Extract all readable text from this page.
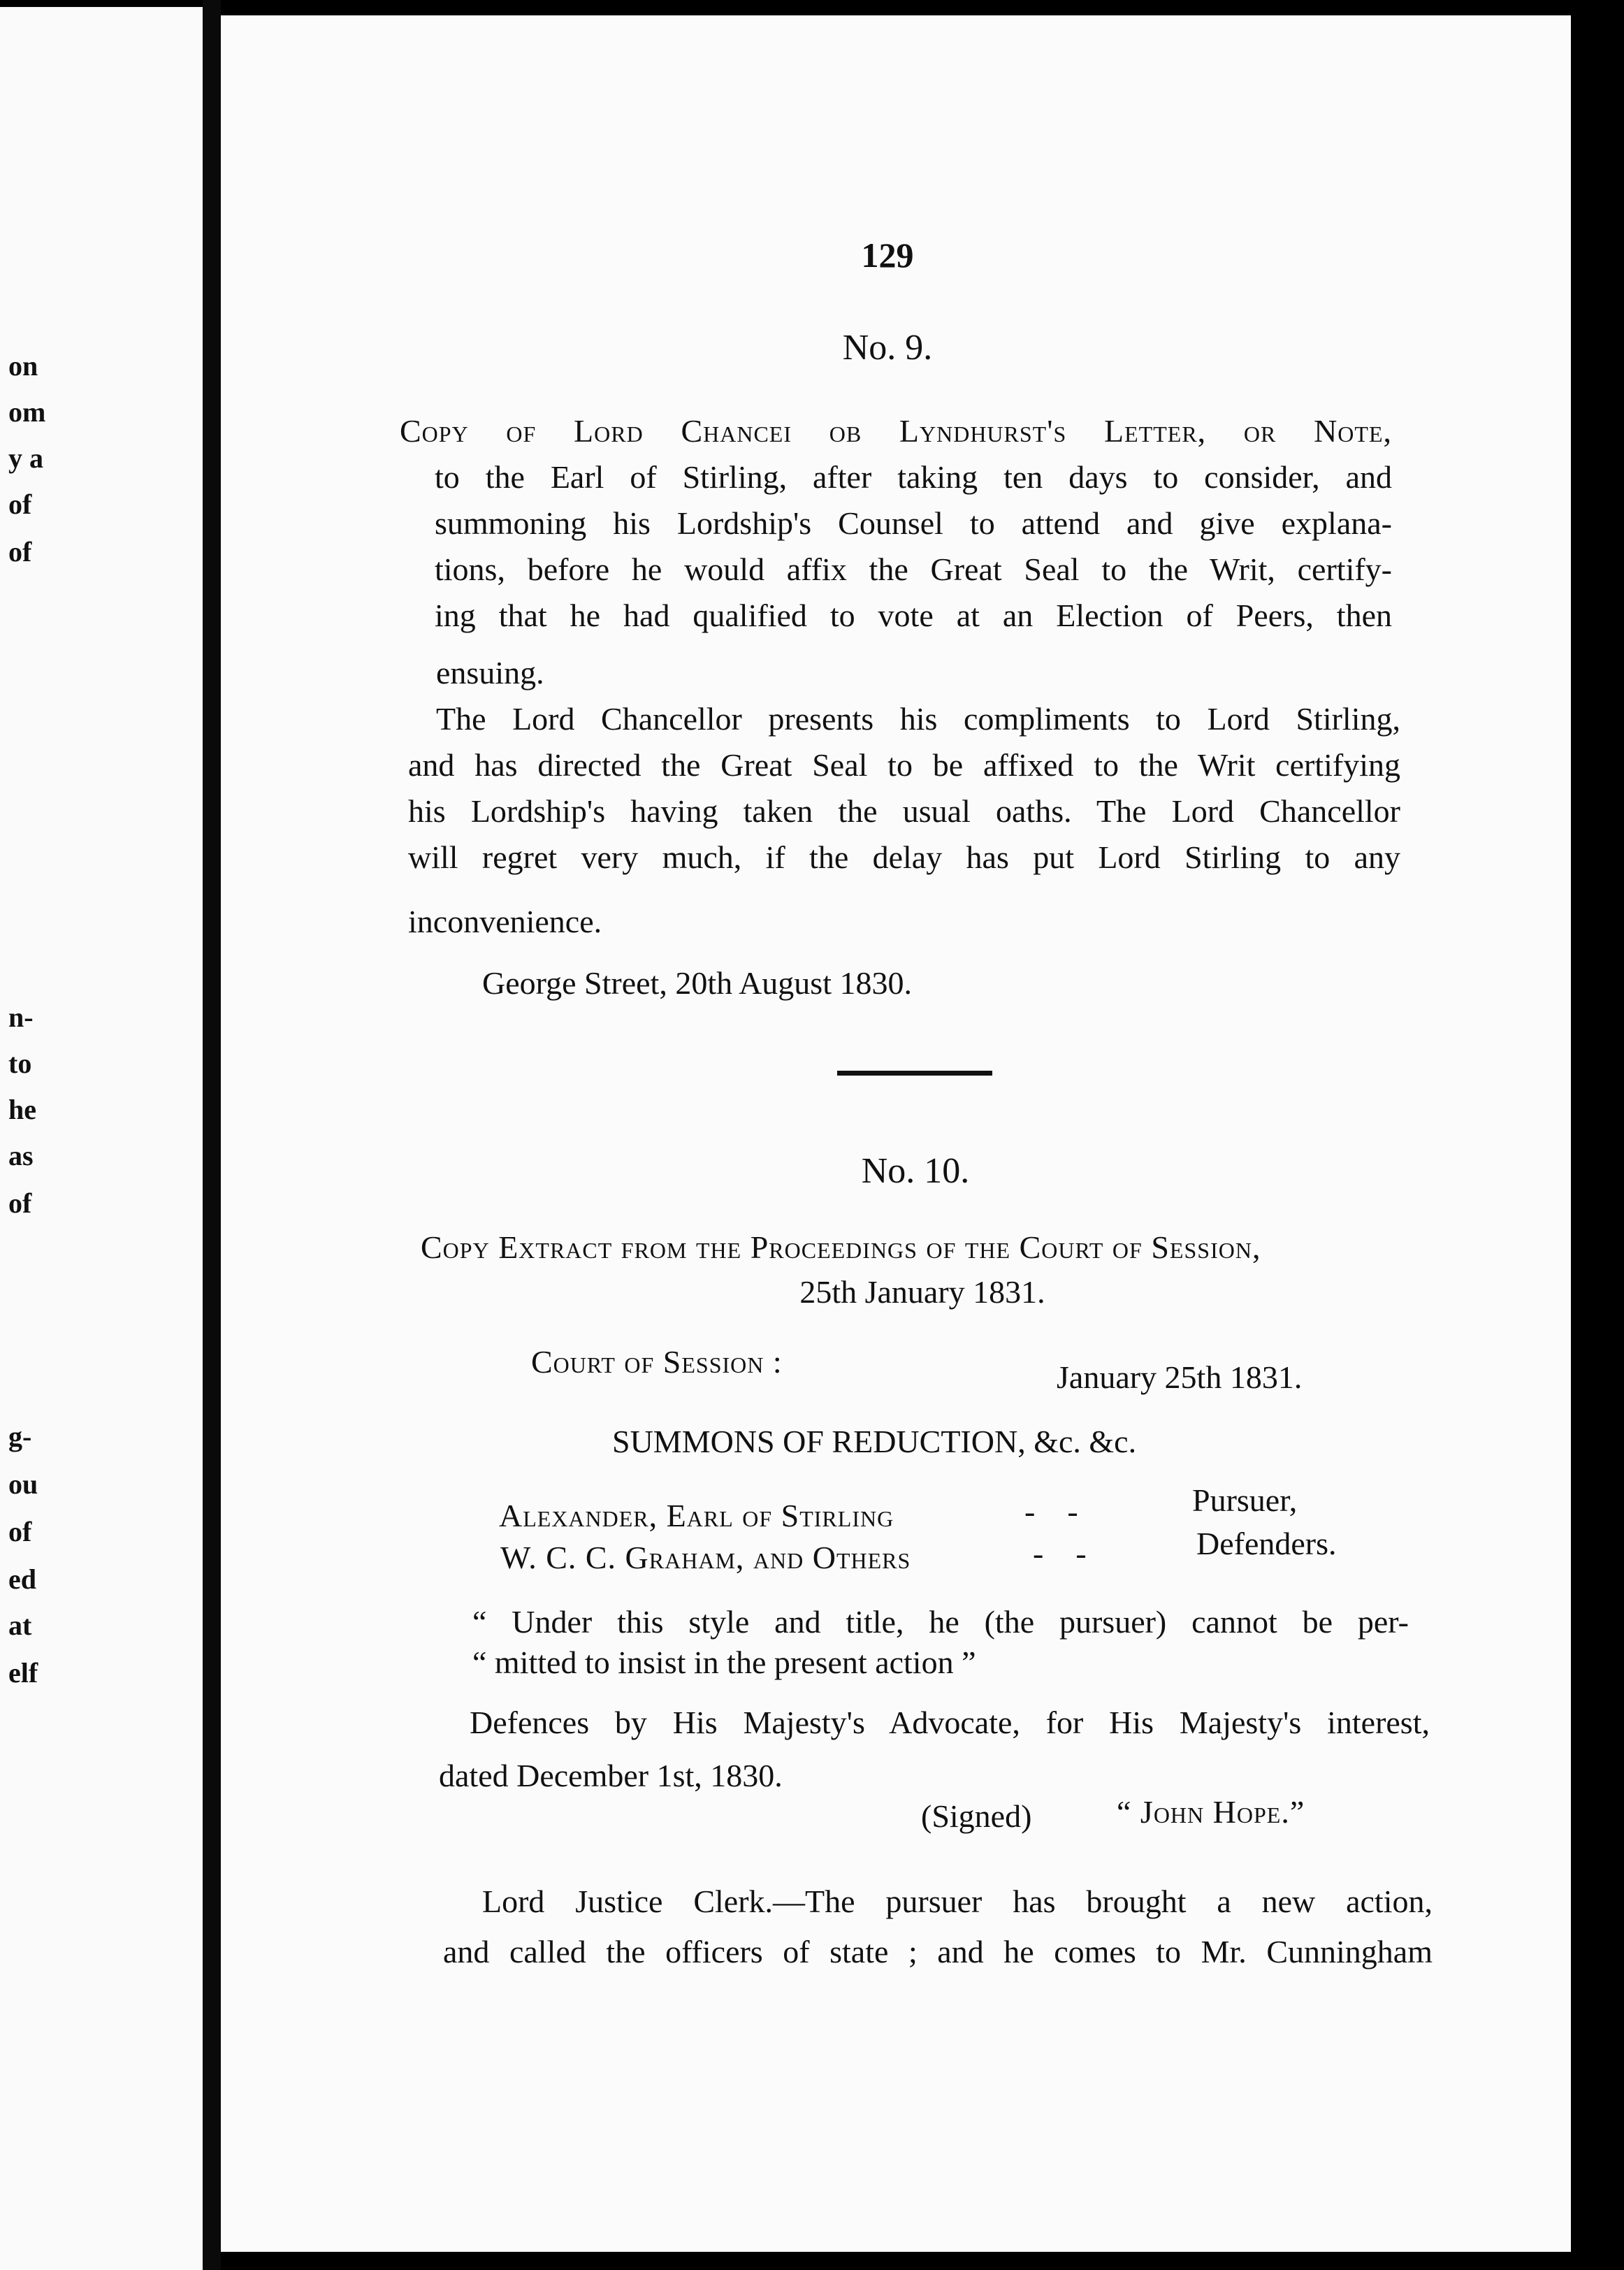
on
om
y a
of
of
n-
to
he
as
of
g-
ou
of
ed
at
elf
129
No. 9.
Copy of Lord Chancei ob Lyndhurst's Letter, or Note,
to the Earl of Stirling, after taking ten days to consider, and
summoning his Lordship's Counsel to attend and give explana-
tions, before he would affix the Great Seal to the Writ, certify-
ing that he had qualified to vote at an Election of Peers, then
ensuing.
The Lord Chancellor presents his compliments to Lord Stirling,
and has directed the Great Seal to be affixed to the Writ certifying
his Lordship's having taken the usual oaths. The Lord Chancellor
will regret very much, if the delay has put Lord Stirling to any
inconvenience.
George Street, 20th August 1830.
No. 10.
Copy Extract from the Proceedings of the Court of Session,
25th January 1831.
Court of Session :	January 25th 1831.
SUMMONS OF REDUCTION, &c. &c.
Alexander, Earl of Stirling	-    -	Pursuer,
W. C. C. Graham, and Others	-    -	Defenders.
“ Under this style and title, he (the pursuer) cannot be per-
“ mitted to insist in the present action ”
Defences by His Majesty's Advocate, for His Majesty's interest,
dated December 1st, 1830.
(Signed)	“ John Hope.”
Lord Justice Clerk.—The pursuer has brought a new action,
and called the officers of state ; and he comes to Mr. Cunningham
